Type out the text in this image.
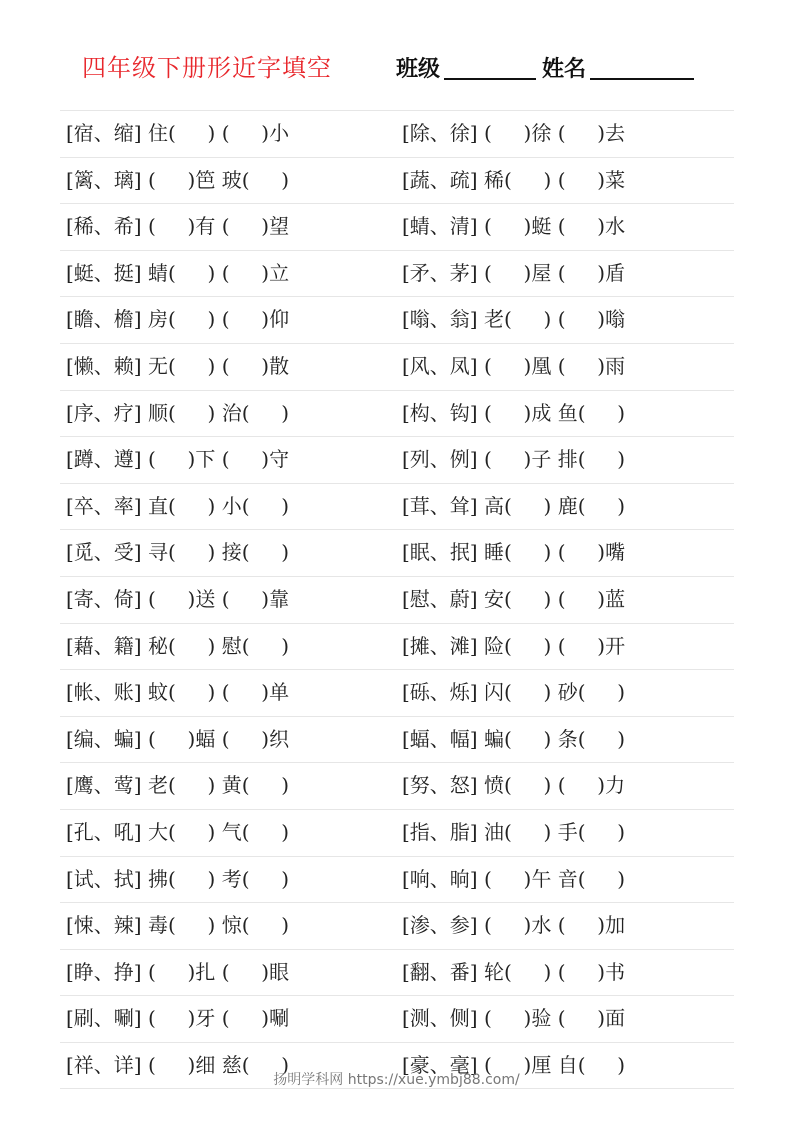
四年级下册形近字填空	班级	姓名
[宿、缩] 住(     ) (     )小	[除、徐] (     )徐 (     )去
[篱、璃] (     )笆 玻(     )	[蔬、疏] 稀(     ) (     )菜
[稀、希] (     )有 (     )望	[蜻、清] (     )蜓 (     )水
[蜓、挺] 蜻(     ) (     )立	[矛、茅] (     )屋 (     )盾
[瞻、檐] 房(     ) (     )仰	[嗡、翁] 老(     ) (     )嗡
[懒、赖] 无(     ) (     )散	[风、凤] (     )凰 (     )雨
[序、疗] 顺(     ) 治(     )	[构、钩] (     )成 鱼(     )
[蹲、遵] (     )下 (     )守	[列、例] (     )子 排(     )
[卒、率] 直(     ) 小(     )	[茸、耸] 高(     ) 鹿(     )
[觅、受] 寻(     ) 接(     )	[眠、抿] 睡(     ) (     )嘴
[寄、倚] (     )送 (     )靠	[慰、蔚] 安(     ) (     )蓝
[藉、籍] 秘(     ) 慰(     )	[摊、滩] 险(     ) (     )开
[帐、账] 蚊(     ) (     )单	[砾、烁] 闪(     ) 砂(     )
[编、蝙] (     )蝠 (     )织	[蝠、幅] 蝙(     ) 条(     )
[鹰、莺] 老(     ) 黄(     )	[努、怒] 愤(     ) (     )力
[孔、吼] 大(     ) 气(     )	[指、脂] 油(     ) 手(     )
[试、拭] 拂(     ) 考(     )	[响、晌] (     )午 音(     )
[悚、辣] 毒(     ) 惊(     )	[渗、参] (     )水 (     )加
[睁、挣] (     )扎 (     )眼	[翻、番] 轮(     ) (     )书
[刷、唰] (     )牙 (     )唰	[测、侧] (     )验 (     )面
[祥、详] (     )细 慈(     )	[豪、毫] (     )厘 自(     )
扬明学科网 https://xue.ymbj88.com/
